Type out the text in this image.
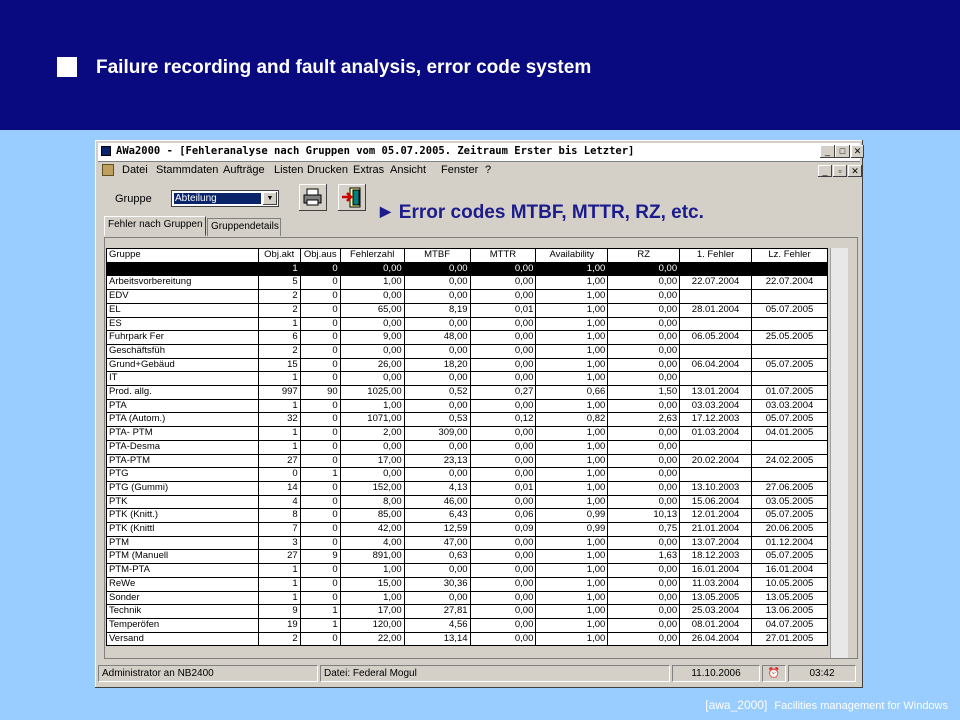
Failure recording and fault analysis, error code system
AWa2000 - [Fehleranalyse nach Gruppen vom 05.07.2005. Zeitraum Erster bis Letzter]	_	□ ✕
Datei Stammdaten Aufträge Listen Drucken Extras Ansicht Fenster ?	_	▫	✕
Gruppe Abteilung	▼
▶ Error codes MTBF, MTTR, RZ, etc.
Fehler nach Gruppen Gruppendetails
Gruppe	Obj.akt	Obj.aus	Fehlerzahl	MTBF	MTTR	Availability	RZ	1. Fehler	Lz. Fehler
	1	0	0,00	0,00	0,00	1,00	0,00		
Arbeitsvorbereitung	5	0	1,00	0,00	0,00	1,00	0,00	22.07.2004	22.07.2004
EDV	2	0	0,00	0,00	0,00	1,00	0,00		
EL	2	0	65,00	8,19	0,01	1,00	0,00	28.01.2004	05.07.2005
ES	1	0	0,00	0,00	0,00	1,00	0,00		
Fuhrpark Fer	6	0	9,00	48,00	0,00	1,00	0,00	06.05.2004	25.05.2005
Geschäftsfüh	2	0	0,00	0,00	0,00	1,00	0,00		
Grund+Gebäud	15	0	26,00	18,20	0,00	1,00	0,00	06.04.2004	05.07.2005
IT	1	0	0,00	0,00	0,00	1,00	0,00		
Prod. allg.	997	90	1025,00	0,52	0,27	0,66	1,50	13.01.2004	01.07.2005
PTA	1	0	1,00	0,00	0,00	1,00	0,00	03.03.2004	03.03.2004
PTA (Autom.)	32	0	1071,00	0,53	0,12	0,82	2,63	17.12.2003	05.07.2005
PTA- PTM	1	0	2,00	309,00	0,00	1,00	0,00	01.03.2004	04.01.2005
PTA-Desma	1	0	0,00	0,00	0,00	1,00	0,00		
PTA-PTM	27	0	17,00	23,13	0,00	1,00	0,00	20.02.2004	24.02.2005
PTG	0	1	0,00	0,00	0,00	1,00	0,00		
PTG (Gummi)	14	0	152,00	4,13	0,01	1,00	0,00	13.10.2003	27.06.2005
PTK	4	0	8,00	46,00	0,00	1,00	0,00	15.06.2004	03.05.2005
PTK (Knitt.)	8	0	85,00	6,43	0,06	0,99	10,13	12.01.2004	05.07.2005
PTK (Knittl	7	0	42,00	12,59	0,09	0,99	0,75	21.01.2004	20.06.2005
PTM	3	0	4,00	47,00	0,00	1,00	0,00	13.07.2004	01.12.2004
PTM (Manuell	27	9	891,00	0,63	0,00	1,00	1,63	18.12.2003	05.07.2005
PTM-PTA	1	0	1,00	0,00	0,00	1,00	0,00	16.01.2004	16.01.2004
ReWe	1	0	15,00	30,36	0,00	1,00	0,00	11.03.2004	10.05.2005
Sonder	1	0	1,00	0,00	0,00	1,00	0,00	13.05.2005	13.05.2005
Technik	9	1	17,00	27,81	0,00	1,00	0,00	25.03.2004	13.06.2005
Temperöfen	19	1	120,00	4,56	0,00	1,00	0,00	08.01.2004	04.07.2005
Versand	2	0	22,00	13,14	0,00	1,00	0,00	26.04.2004	27.01.2005
Administrator an NB2400	Datei: Federal Mogul	11.10.2006	⏰	03:42
[awa_2000] Facilities management for Windows
